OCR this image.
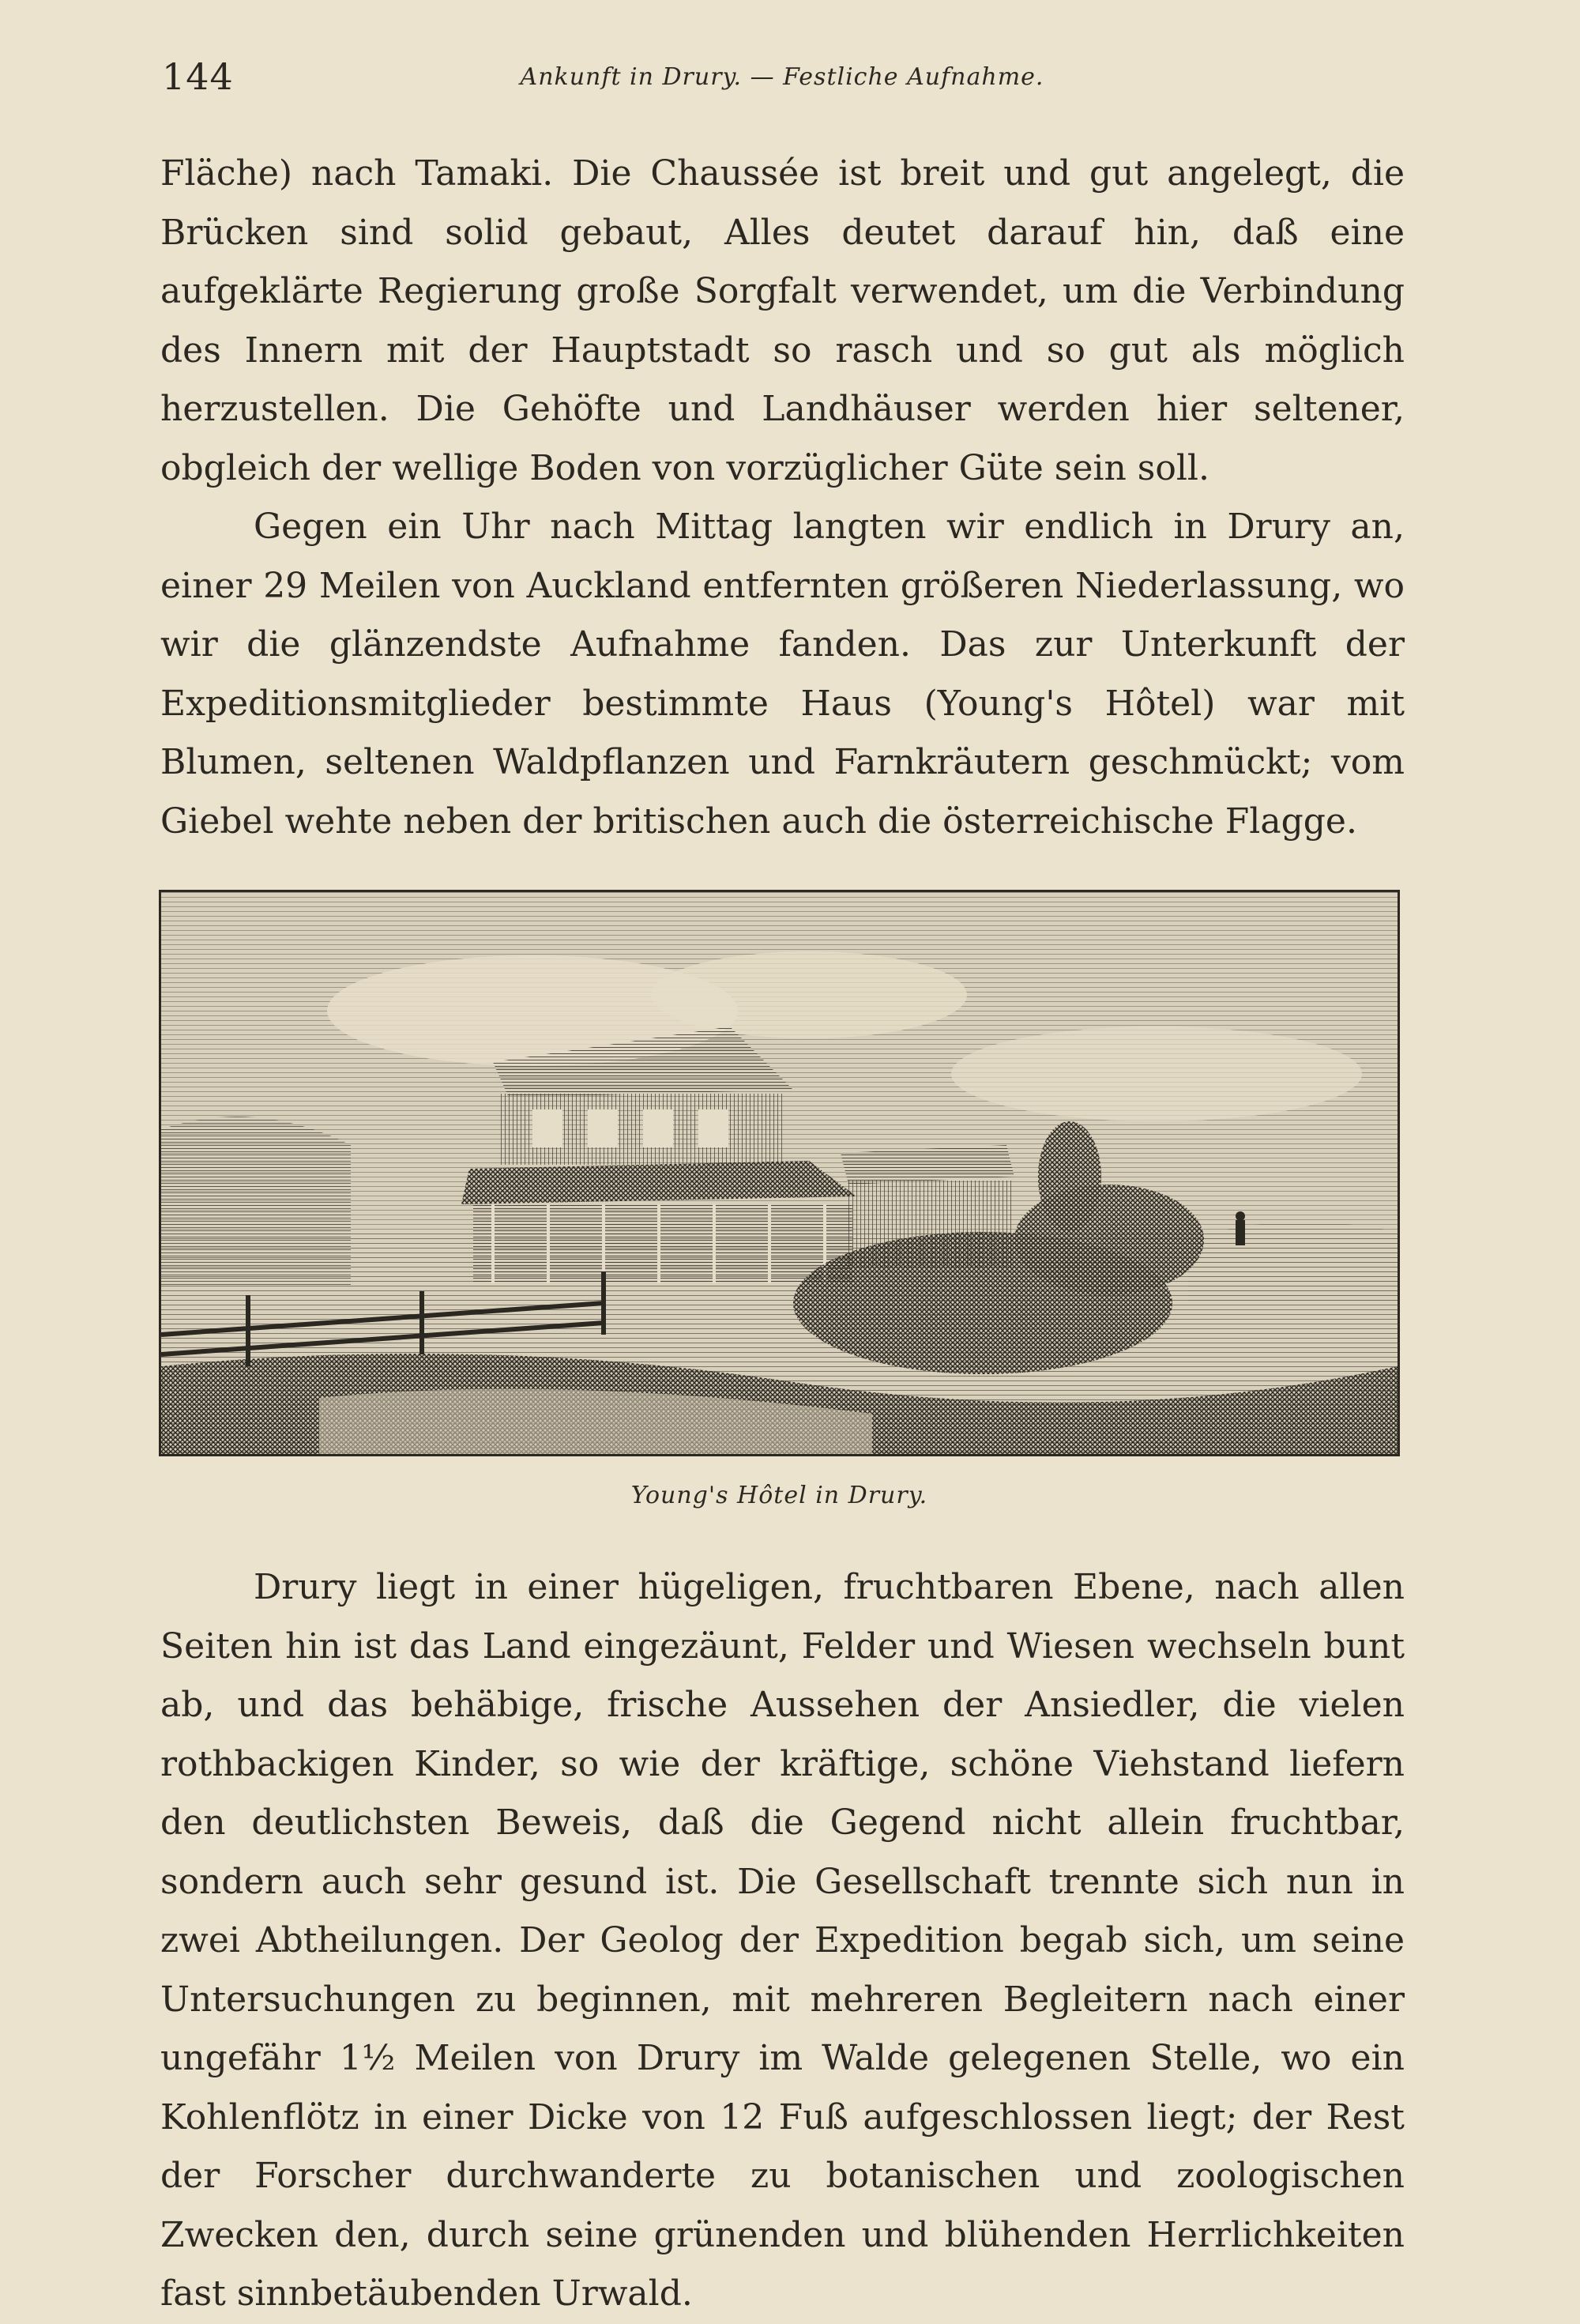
144	Ankunft in Drury. — Festliche Aufnahme.

Fläche) nach Tamaki. Die Chaussée ist breit und gut angelegt, die Brücken sind solid gebaut, Alles deutet darauf hin, daß eine aufgeklärte Regierung große Sorgfalt verwendet, um die Verbindung des Innern mit der Hauptstadt so rasch und so gut als möglich herzustellen. Die Gehöfte und Landhäuser werden hier seltener, obgleich der wellige Boden von vorzüglicher Güte sein soll.

Gegen ein Uhr nach Mittag langten wir endlich in Drury an, einer 29 Meilen von Auckland entfernten größeren Niederlassung, wo wir die glänzendste Aufnahme fanden. Das zur Unterkunft der Expeditionsmitglieder bestimmte Haus (Young's Hôtel) war mit Blumen, seltenen Waldpflanzen und Farnkräutern geschmückt; vom Giebel wehte neben der britischen auch die österreichische Flagge.

Young's Hôtel in Drury.

Drury liegt in einer hügeligen, fruchtbaren Ebene, nach allen Seiten hin ist das Land eingezäunt, Felder und Wiesen wechseln bunt ab, und das behäbige, frische Aussehen der Ansiedler, die vielen rothbackigen Kinder, so wie der kräftige, schöne Viehstand liefern den deutlichsten Beweis, daß die Gegend nicht allein fruchtbar, sondern auch sehr gesund ist. Die Gesellschaft trennte sich nun in zwei Abtheilungen. Der Geolog der Expedition begab sich, um seine Untersuchungen zu beginnen, mit mehreren Begleitern nach einer ungefähr 1½ Meilen von Drury im Walde gelegenen Stelle, wo ein Kohlenflötz in einer Dicke von 12 Fuß aufgeschlossen liegt; der Rest der Forscher durchwanderte zu botanischen und zoologischen Zwecken den, durch seine grünenden und blühenden Herrlichkeiten fast sinnbetäubenden Urwald.
